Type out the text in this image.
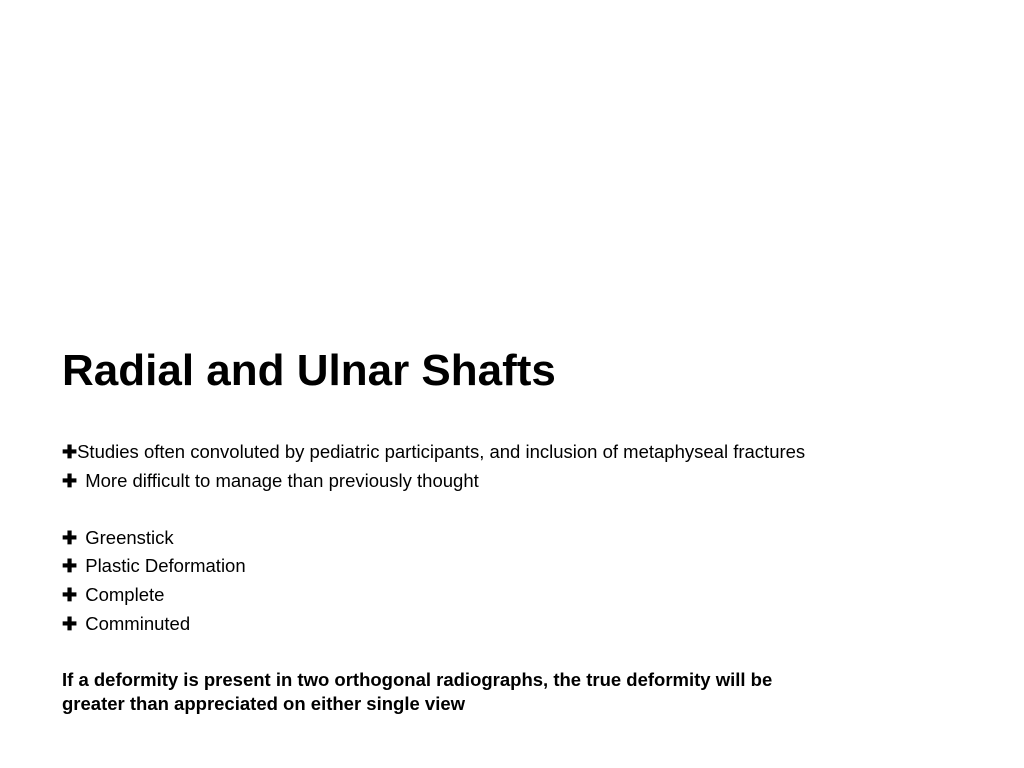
Radial and Ulnar Shafts
✚Studies often convoluted by pediatric participants, and inclusion of metaphyseal fractures
✚ More difficult to manage than previously thought
✚ Greenstick
✚ Plastic Deformation
✚ Complete
✚ Comminuted

If a deformity is present in two orthogonal radiographs, the true deformity will be
greater than appreciated on either single view
